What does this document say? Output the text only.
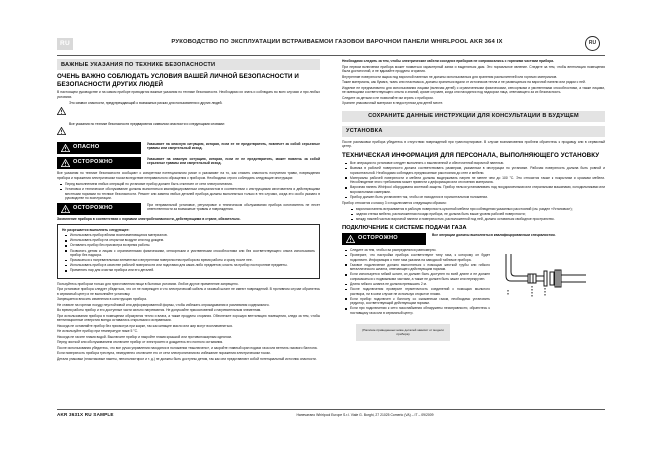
RU	РУКОВОДСТВО ПО ЭКСПЛУАТАЦИИ ВСТРАИВАЕМОЙ ГАЗОВОЙ ВАРОЧНОЙ ПАНЕЛИ WHIRLPOOL AKR 364 IX	RU
ВАЖНЫЕ УКАЗАНИЯ ПО ТЕХНИКЕ БЕЗОПАСНОСТИ
ОЧЕНЬ ВАЖНО СОБЛЮДАТЬ УСЛОВИЯ ВАШЕЙ ЛИЧНОЙ БЕЗОПАСНОСТИ И БЕЗОПАСНОСТИ ДРУГИХ ЛЮДЕЙ

В настоящем руководстве и на самом приборе приводятся важные указания по технике безопасности. Необходимо их знать и соблюдать во всех случаях и при любых условиях.

Это символ опасности, предупреждающий о возможных рисках для пользователя и других людей.
Все указания по технике безопасности предваряются символом опасности и следующими словами:
ОПАСНО
Указывает на опасную ситуацию, которая, если ее не предотвратить, повлечет за собой серьезные травмы или смертельный исход.
ОСТОРОЖНО
Указывает на опасную ситуацию, которая, если ее не предотвратить, может повлечь за собой серьезные травмы или смертельный исход.

Все указания по технике безопасности сообщают о конкретном потенциальном риске и указывают на то, как снизить опасность получения травм, повреждения прибора и поражения электрическим током вследствие неправильного обращения с прибором. Необходимо строго соблюдать следующие инструкции:

Перед выполнением любых операций по установке прибор должен быть отключен от сети электропитания.
Установка и техническое обслуживание должны выполняться квалифицированным специалистом в соответствии с инструкциями изготовителя и действующими местными нормами по технике безопасности. Ремонт или замена любых деталей прибора должны выполняться только в тех случаях, когда это особо указано в руководстве по эксплуатации.
ОСТОРОЖНО
При неправильной установке, регулировке и техническом обслуживании прибора изготовитель не несет ответственности за возможные травмы и повреждения.

Заземление прибора в соответствии с нормами электробезопасности, действующими в стране, обязательно.

Не разрешается выполнять следующее:

Использовать прибор вблизи воспламеняющихся материалов.
Использовать прибор на открытом воздухе или под дождем.
Оставлять прибор без присмотра во время работы.
Позволять детям и лицам с ограниченными физическими, сенсорными и умственными способностями или без соответствующего опыта использовать прибор без надзора.
Прикасаться к нагревательным элементам и внутренним поверхностям прибора во время работы и сразу после нее.
Использовать прибор в качестве рабочей поверхности или подставки для каких-либо предметов; класть на прибор посторонние предметы.
Применять пар для очистки прибора или его деталей.

Пользуйтесь прибором только для приготовления пищи в бытовых условиях. Любое другое применение запрещено.

При установке прибора следует убедиться, что он не поврежден и что электрический кабель и газовый шланг не имеют повреждений. В противном случае обратитесь в сервисный центр и не выполняйте установку.

Запрещается вносить изменения в конструкцию прибора.

Не ставьте на горелки посуду неустойчивой или деформированной формы, чтобы избежать опрокидывания и разливания содержимого.

Во время работы прибор и его доступные части сильно нагреваются. Не допускайте прикосновений к нагревательным элементам.

При использовании прибора в помещении образуются тепло и влага, а также продукты сгорания. Обеспечьте хорошую вентиляцию помещения, следя за тем, чтобы вентиляционные отверстия всегда оставались открытыми и исправными.

Никогда не оставляйте прибор без присмотра при жарке, так как кипящее масло или жир могут воспламениться.

Не используйте прибор при температуре ниже 5 °C.

Никогда не гасите пламя водой. Выключите прибор и накройте пламя крышкой или противопожарным одеялом.

Перед чисткой или обслуживанием отключите прибор от электросети и дождитесь его полного остывания.

После использования убедитесь, что все ручки управления находятся в положении «выключено», и закройте главный кран подачи газа или вентиль газового баллона.

Если поверхность прибора треснула, немедленно отключите его от сети электропитания во избежание поражения электрическим током.

Детали упаковки (пластиковые пакеты, пенополистирол и т. д.) не должны быть доступны детям, так как они представляют собой потенциальный источник опасности.

Необходимо следить за тем, чтобы электрические кабели соседних приборов не соприкасались с горячими частями прибора.

При первом включении прибора может появиться характерный запах и выделяться дым. Это нормальное явление. Следите за тем, чтобы вентиляция помещения была достаточной, и не вдыхайте продукты сгорания.

Внутренние поверхности ящика под варочной панелью не должны использоваться для хранения распылителей или горючих материалов.

Такие материалы, как бумага, ткань или пластмасса, должны храниться вдали от источников тепла и не размещаться на варочной панели или рядом с ней.

Изделие не предназначено для использования лицами (включая детей) с ограниченными физическими, сенсорными и умственными способностями, а также лицами, не имеющими соответствующего опыта и знаний, кроме случаев, когда они находятся под надзором лица, отвечающего за их безопасность.

Следите за детьми и не позволяйте им играть с прибором.

Храните упаковочный материал в недоступном для детей месте.

СОХРАНИТЕ ДАННЫЕ ИНСТРУКЦИИ ДЛЯ КОНСУЛЬТАЦИИ В БУДУЩЕМ
УСТАНОВКА

После распаковки прибора убедитесь в отсутствии повреждений при транспортировке. В случае возникновения проблем обратитесь к продавцу или в сервисный центр.

ТЕХНИЧЕСКАЯ ИНФОРМАЦИЯ ДЛЯ ПЕРСОНАЛА, ВЫПОЛНЯЮЩЕГО УСТАНОВКУ
Все операции по установке следует выполнять с выключенной и обесточенной варочной панелью.
Выемка в рабочей поверхности должна соответствовать размерам, указанным в инструкции по установке. Рабочая поверхность должна быть ровной и горизонтальной. Необходимо соблюдать предписанные расстояния до стен и мебели.
Материалы рабочей поверхности и мебели должны выдерживать нагрев не менее чем до 100 °C. Это относится также к покрытиям и кромкам мебели. Несоблюдение этого требования может привести к деформации или отслоению материала.
Варочная панель Whirlpool оборудована системой защиты. Прибор нельзя устанавливать над посудомоечными или стиральными машинами, холодильниками или морозильными камерами.
Прибор должен быть установлен так, чтобы он находился в горизонтальном положении.

Прибор относится к классу 3 и подключается следующим образом:

варочная панель встраивается в рабочую поверхность кухонной мебели при соблюдении указанных расстояний (см. раздел «Установка»);
задняя стенка мебели, расположенная позади прибора, не должна быть выше уровня рабочей поверхности;
между нижней частью варочной панели и поверхностью, расположенной под ней, должно оставаться свободное пространство.
ПОДКЛЮЧЕНИЕ К СИСТЕМЕ ПОДАЧИ ГАЗА
ОСТОРОЖНО
Все операции должны выполняться квалифицированным специалистом.
Следите за тем, чтобы газ распределялся равномерно.
Проверьте, что настройки прибора соответствуют типу газа, к которому он будет подключен. Информация о типе газа указана на заводской табличке прибора.
Газовое подключение должно выполняться с помощью жесткой трубы или гибкого металлического шланга, отвечающего действующим нормам.
Если используется гибкий шланг, он должен быть доступен по всей длине и не должен соприкасаться с подвижными частями, а также не должен быть зажат или перекручен.
Длина гибкого шланга не должна превышать 2 м.
После подключения проверьте герметичность соединений с помощью мыльного раствора, ни в коем случае не используя открытое пламя.
Если прибор подключен к баллону со сжиженным газом, необходимо установить редуктор, соответствующий действующим нормам.
Если при подключении к сети газоснабжения обнаружены неисправности, обратитесь к поставщику газа или в сервисный центр.
(Наличие приведенных ниже деталей зависит от модели прибора)
AKR 3631X RU SAMPLE	Напечатано Whirlpool Europe S.r.l. Viale G. Borghi, 27 21025 Comerio (VA) – IT – 09/2009
